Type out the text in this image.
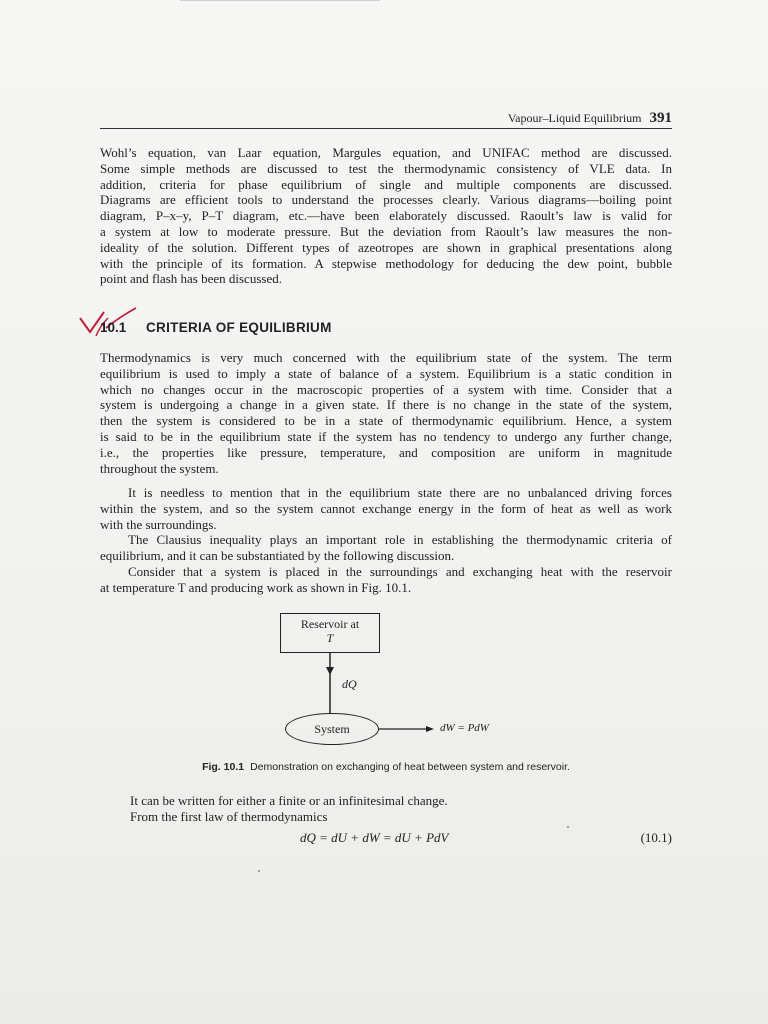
Vapour–Liquid Equilibrium 391
Wohl’s equation, van Laar equation, Margules equation, and UNIFAC method are discussed.
Some simple methods are discussed to test the thermodynamic consistency of VLE data. In
addition, criteria for phase equilibrium of single and multiple components are discussed.
Diagrams are efficient tools to understand the processes clearly. Various diagrams—boiling point
diagram, P–x–y, P–T diagram, etc.—have been elaborately discussed. Raoult’s law is valid for
a system at low to moderate pressure. But the deviation from Raoult’s law measures the non-
ideality of the solution. Different types of azeotropes are shown in graphical presentations along
with the principle of its formation. A stepwise methodology for deducing the dew point, bubble
point and flash has been discussed.
10.1 CRITERIA OF EQUILIBRIUM
Thermodynamics is very much concerned with the equilibrium state of the system. The term
equilibrium is used to imply a state of balance of a system. Equilibrium is a static condition in
which no changes occur in the macroscopic properties of a system with time. Consider that a
system is undergoing a change in a given state. If there is no change in the state of the system,
then the system is considered to be in a state of thermodynamic equilibrium. Hence, a system
is said to be in the equilibrium state if the system has no tendency to undergo any further change,
i.e., the properties like pressure, temperature, and composition are uniform in magnitude
throughout the system.
It is needless to mention that in the equilibrium state there are no unbalanced driving forces
within the system, and so the system cannot exchange energy in the form of heat as well as work
with the surroundings.
The Clausius inequality plays an important role in establishing the thermodynamic criteria of
equilibrium, and it can be substantiated by the following discussion.
Consider that a system is placed in the surroundings and exchanging heat with the reservoir
at temperature T and producing work as shown in Fig. 10.1.
Reservoir at
T
dQ
System	dW = PdW
Fig. 10.1 Demonstration on exchanging of heat between system and reservoir.
It can be written for either a finite or an infinitesimal change.
From the first law of thermodynamics
dQ = dU + dW = dU + PdV	(10.1)
